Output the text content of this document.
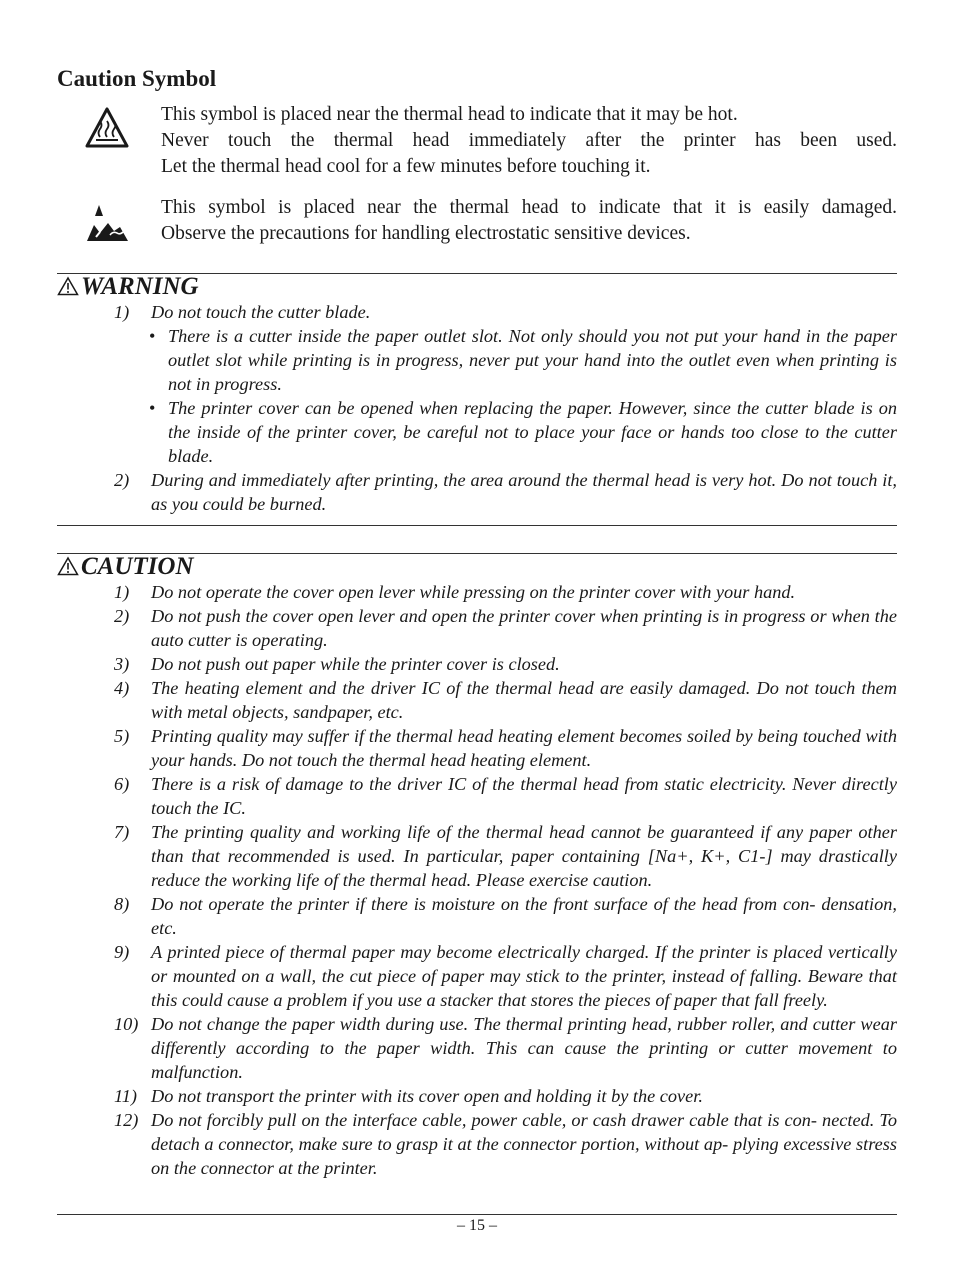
Caution Symbol
This symbol is placed near the thermal head to indicate that it may be hot.
Never touch the thermal head immediately after the printer has been used.
Let the thermal head cool for a few minutes before touching it.
This symbol is placed near the thermal head to indicate that it is easily damaged.
Observe the precautions for handling electrostatic sensitive devices.
WARNING
1) Do not touch the cutter blade.
• There is a cutter inside the paper outlet slot. Not only should you not put your hand in the paper outlet slot while printing is in progress, never put your hand into the outlet even when printing is not in progress.
• The printer cover can be opened when replacing the paper. However, since the cutter blade is on the inside of the printer cover, be careful not to place your face or hands too close to the cutter blade.
2) During and immediately after printing, the area around the thermal head is very hot. Do not touch it, as you could be burned.
CAUTION
1) Do not operate the cover open lever while pressing on the printer cover with your hand.
2) Do not push the cover open lever and open the printer cover when printing is in progress or when the auto cutter is operating.
3) Do not push out paper while the printer cover is closed.
4) The heating element and the driver IC of the thermal head are easily damaged. Do not touch them with metal objects, sandpaper, etc.
5) Printing quality may suffer if the thermal head heating element becomes soiled by being touched with your hands. Do not touch the thermal head heating element.
6) There is a risk of damage to the driver IC of the thermal head from static electricity. Never directly touch the IC.
7) The printing quality and working life of the thermal head cannot be guaranteed if any paper other than that recommended is used. In particular, paper containing [Na+, K+, C1-] may drastically reduce the working life of the thermal head. Please exercise caution.
8) Do not operate the printer if there is moisture on the front surface of the head from con- densation, etc.
9) A printed piece of thermal paper may become electrically charged. If the printer is placed vertically or mounted on a wall, the cut piece of paper may stick to the printer, instead of falling. Beware that this could cause a problem if you use a stacker that stores the pieces of paper that fall freely.
10) Do not change the paper width during use. The thermal printing head, rubber roller, and cutter wear differently according to the paper width. This can cause the printing or cutter movement to malfunction.
11) Do not transport the printer with its cover open and holding it by the cover.
12) Do not forcibly pull on the interface cable, power cable, or cash drawer cable that is con- nected. To detach a connector, make sure to grasp it at the connector portion, without ap- plying excessive stress on the connector at the printer.
– 15 –
